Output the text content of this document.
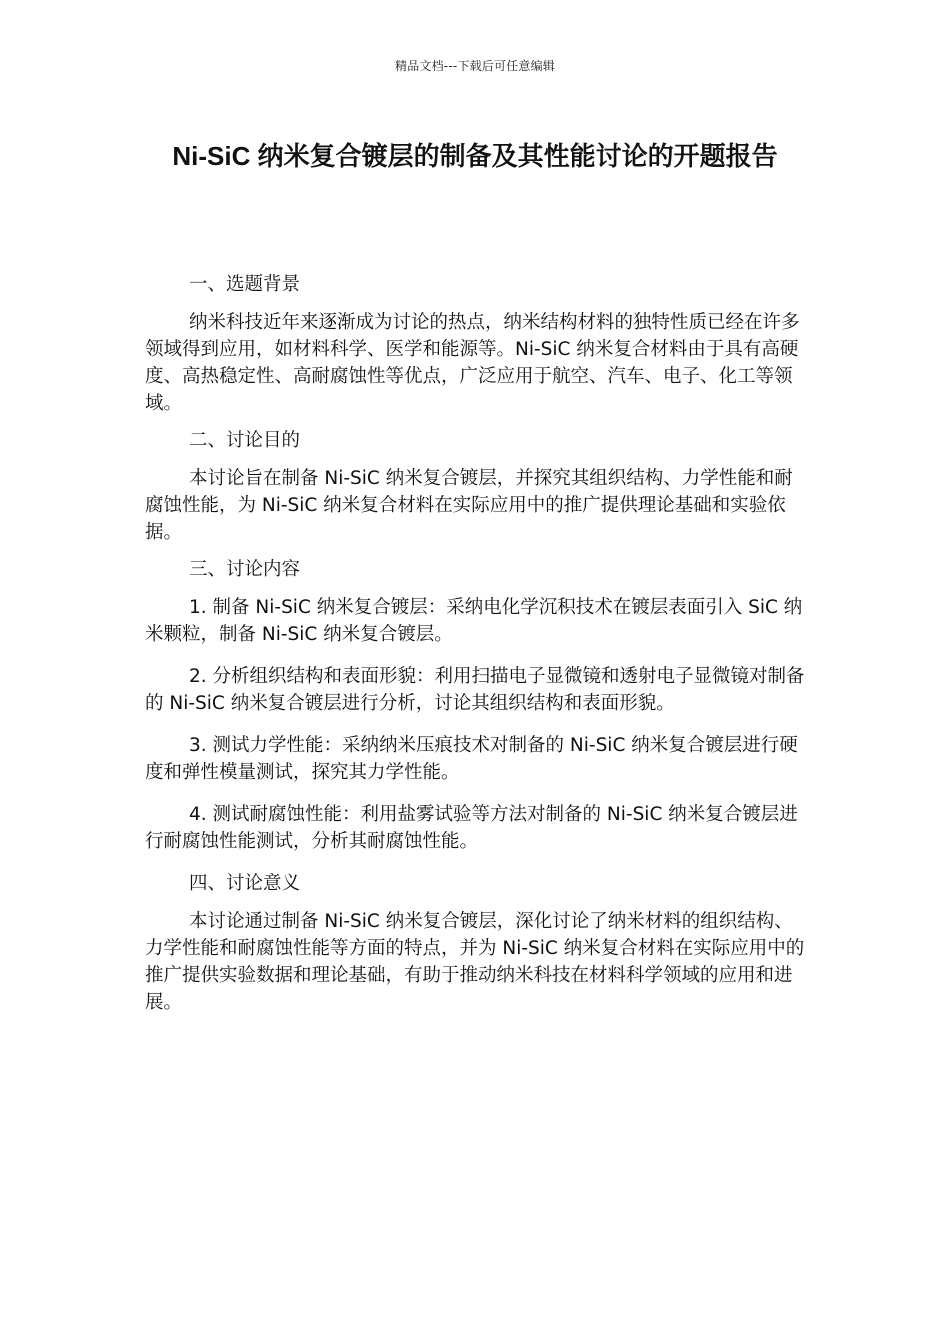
精品文档---下载后可任意编辑
Ni-SiC 纳米复合镀层的制备及其性能讨论的开题报告

一、选题背景

纳米科技近年来逐渐成为讨论的热点，纳米结构材料的独特性质已经在许多领域得到应用，如材料科学、医学和能源等。Ni-SiC 纳米复合材料由于具有高硬度、高热稳定性、高耐腐蚀性等优点，广泛应用于航空、汽车、电子、化工等领域。

二、讨论目的

本讨论旨在制备 Ni-SiC 纳米复合镀层，并探究其组织结构、力学性能和耐腐蚀性能，为 Ni-SiC 纳米复合材料在实际应用中的推广提供理论基础和实验依据。

三、讨论内容

1. 制备 Ni-SiC 纳米复合镀层：采纳电化学沉积技术在镀层表面引入 SiC 纳米颗粒，制备 Ni-SiC 纳米复合镀层。

2. 分析组织结构和表面形貌：利用扫描电子显微镜和透射电子显微镜对制备的 Ni-SiC 纳米复合镀层进行分析，讨论其组织结构和表面形貌。

3. 测试力学性能：采纳纳米压痕技术对制备的 Ni-SiC 纳米复合镀层进行硬度和弹性模量测试，探究其力学性能。

4. 测试耐腐蚀性能：利用盐雾试验等方法对制备的 Ni-SiC 纳米复合镀层进行耐腐蚀性能测试，分析其耐腐蚀性能。

四、讨论意义

本讨论通过制备 Ni-SiC 纳米复合镀层，深化讨论了纳米材料的组织结构、力学性能和耐腐蚀性能等方面的特点，并为 Ni-SiC 纳米复合材料在实际应用中的推广提供实验数据和理论基础，有助于推动纳米科技在材料科学领域的应用和进展。
